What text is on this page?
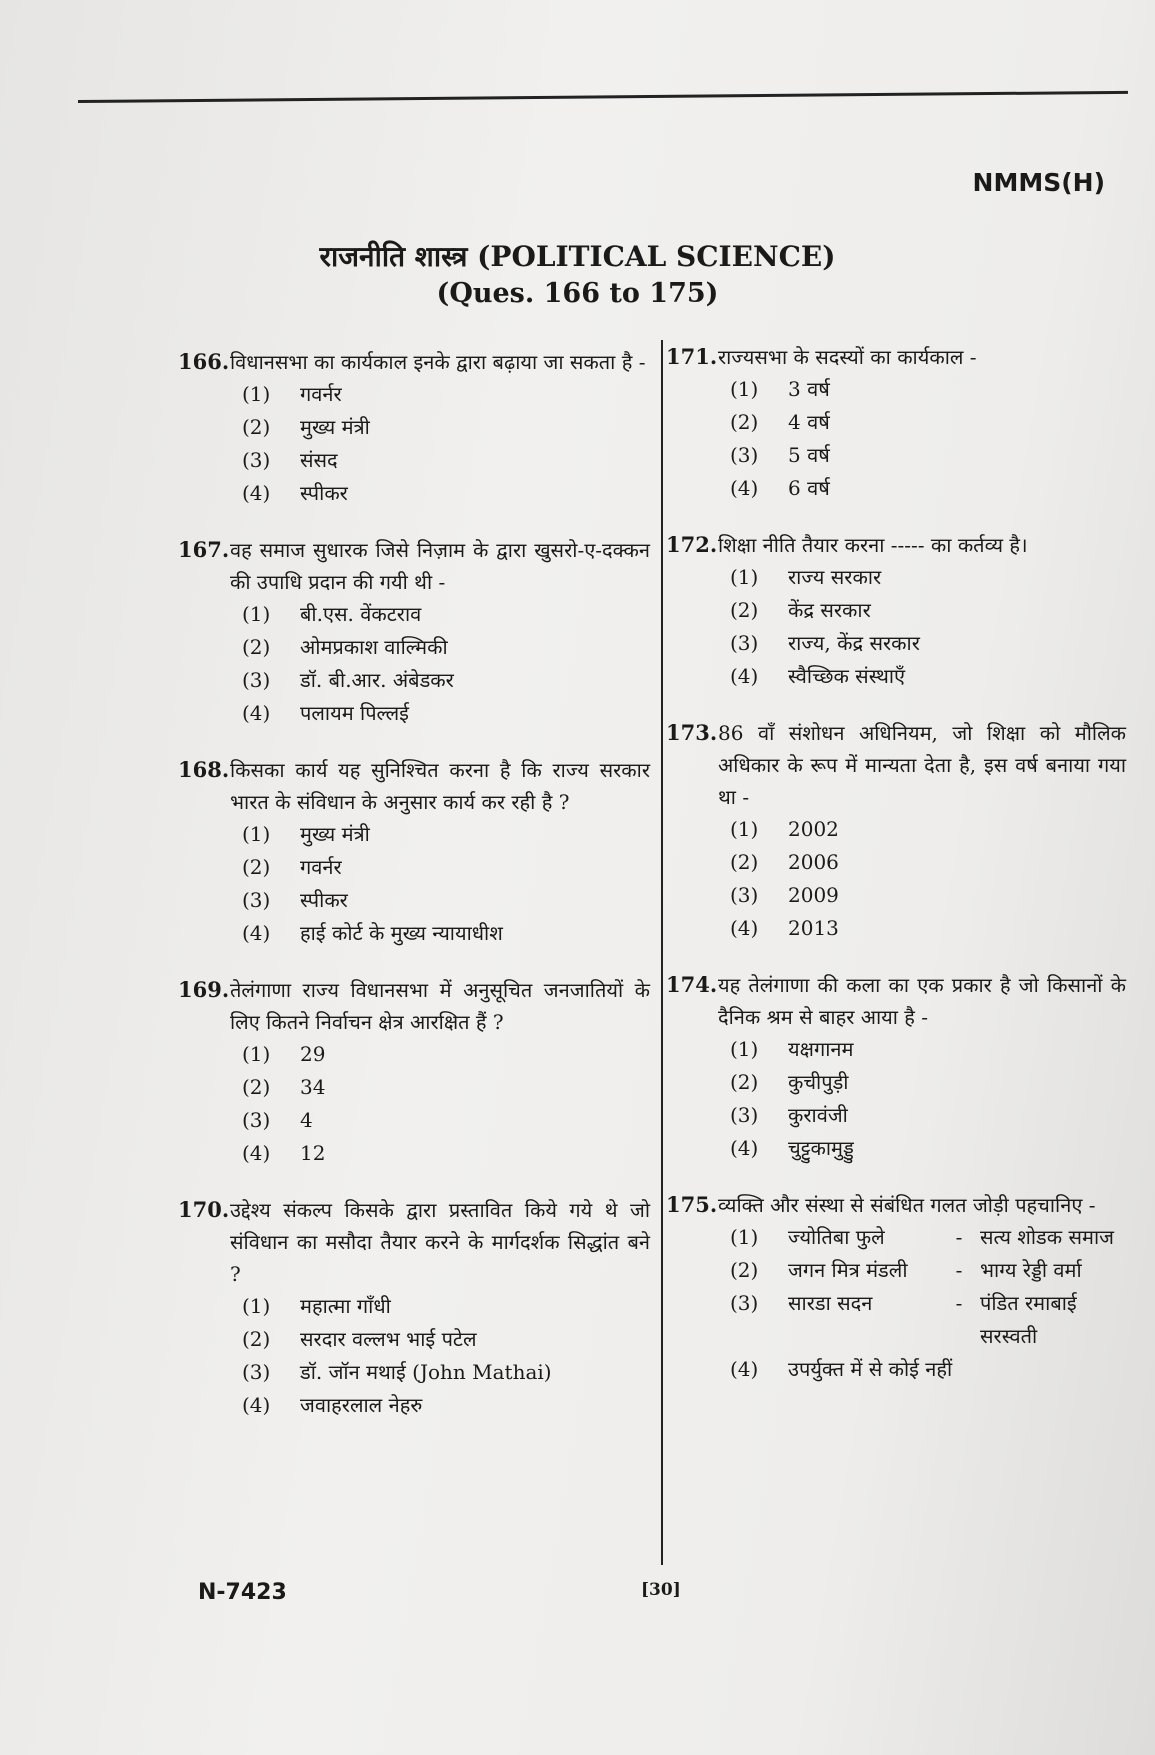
NMMS(H)
राजनीति शास्त्र (POLITICAL SCIENCE)
(Ques. 166 to 175)
166. विधानसभा का कार्यकाल इनके द्वारा बढ़ाया जा सकता है -
(1)	गवर्नर
(2)	मुख्य मंत्री
(3)	संसद
(4)	स्पीकर
167. वह समाज सुधारक जिसे निज़ाम के द्वारा खुसरो-ए-दक्कन की उपाधि प्रदान की गयी थी -
(1)	बी.एस. वेंकटराव
(2)	ओमप्रकाश वाल्मिकी
(3)	डॉ. बी.आर. अंबेडकर
(4)	पलायम पिल्लई
168. किसका कार्य यह सुनिश्चित करना है कि राज्य सरकार भारत के संविधान के अनुसार कार्य कर रही है ?
(1)	मुख्य मंत्री
(2)	गवर्नर
(3)	स्पीकर
(4)	हाई कोर्ट के मुख्य न्यायाधीश
169. तेलंगाणा राज्य विधानसभा में अनुसूचित जनजातियों के लिए कितने निर्वाचन क्षेत्र आरक्षित हैं ?
(1)	29
(2)	34
(3)	4
(4)	12
170. उद्देश्य संकल्प किसके द्वारा प्रस्तावित किये गये थे जो संविधान का मसौदा तैयार करने के मार्गदर्शक सिद्धांत बने ?
(1)	महात्मा गाँधी
(2)	सरदार वल्लभ भाई पटेल
(3)	डॉ. जॉन मथाई (John Mathai)
(4)	जवाहरलाल नेहरु
171. राज्यसभा के सदस्यों का कार्यकाल -
(1)	3 वर्ष
(2)	4 वर्ष
(3)	5 वर्ष
(4)	6 वर्ष
172. शिक्षा नीति तैयार करना ----- का कर्तव्य है।
(1)	राज्य सरकार
(2)	केंद्र सरकार
(3)	राज्य, केंद्र सरकार
(4)	स्वैच्छिक संस्थाएँ
173. 86 वाँ संशोधन अधिनियम, जो शिक्षा को मौलिक अधिकार के रूप में मान्यता देता है, इस वर्ष बनाया गया था -
(1)	2002
(2)	2006
(3)	2009
(4)	2013
174. यह तेलंगाणा की कला का एक प्रकार है जो किसानों के दैनिक श्रम से बाहर आया है -
(1)	यक्षगानम
(2)	कुचीपुड़ी
(3)	कुरावंजी
(4)	चुट्टुकामुड्डु
175. व्यक्ति और संस्था से संबंधित गलत जोड़ी पहचानिए -
(1)	ज्योतिबा फुले	- सत्य शोडक समाज
(2)	जगन मित्र मंडली	- भाग्य रेड्डी वर्मा
(3)	सारडा सदन	- पंडित रमाबाई सरस्वती
(4)	उपर्युक्त में से कोई नहीं
N-7423	[30]
